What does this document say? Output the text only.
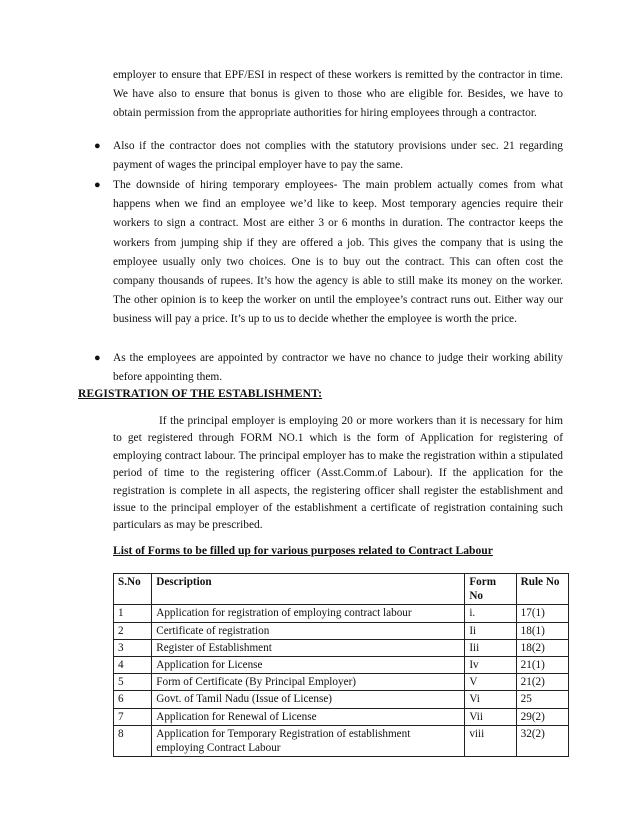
employer to ensure that EPF/ESI in respect of these workers is remitted by the contractor in time. We have also to ensure that bonus is given to those who are eligible for. Besides, we have to obtain permission from the appropriate authorities for hiring employees through a contractor.
● Also if the contractor does not complies with the statutory provisions under sec. 21 regarding payment of wages the principal employer have to pay the same.
● The downside of hiring temporary employees- The main problem actually comes from what happens when we find an employee we’d like to keep. Most temporary agencies require their workers to sign a contract. Most are either 3 or 6 months in duration. The contractor keeps the workers from jumping ship if they are offered a job. This gives the company that is using the employee usually only two choices. One is to buy out the contract. This can often cost the company thousands of rupees. It’s how the agency is able to still make its money on the worker. The other opinion is to keep the worker on until the employee’s contract runs out. Either way our business will pay a price. It’s up to us to decide whether the employee is worth the price.
● As the employees are appointed by contractor we have no chance to judge their working ability before appointing them.
REGISTRATION OF THE ESTABLISHMENT:
If the principal employer is employing 20 or more workers than it is necessary for him to get registered through FORM NO.1 which is the form of Application for registering of employing contract labour. The principal employer has to make the registration within a stipulated period of time to the registering officer (Asst.Comm.of Labour). If the application for the registration is complete in all aspects, the registering officer shall register the establishment and issue to the principal employer of the establishment a certificate of registration containing such particulars as may be prescribed.
List of Forms to be filled up for various purposes related to Contract Labour
S.No	Description	Form No	Rule No
1	Application for registration of employing contract labour	i.	17(1)
2	Certificate of registration	Ii	18(1)
3	Register of Establishment	Iii	18(2)
4	Application for License	Iv	21(1)
5	Form of Certificate (By Principal Employer)	V	21(2)
6	Govt. of Tamil Nadu (Issue of License)	Vi	25
7	Application for Renewal of License	Vii	29(2)
8	Application for Temporary Registration of establishment employing Contract Labour	viii	32(2)
